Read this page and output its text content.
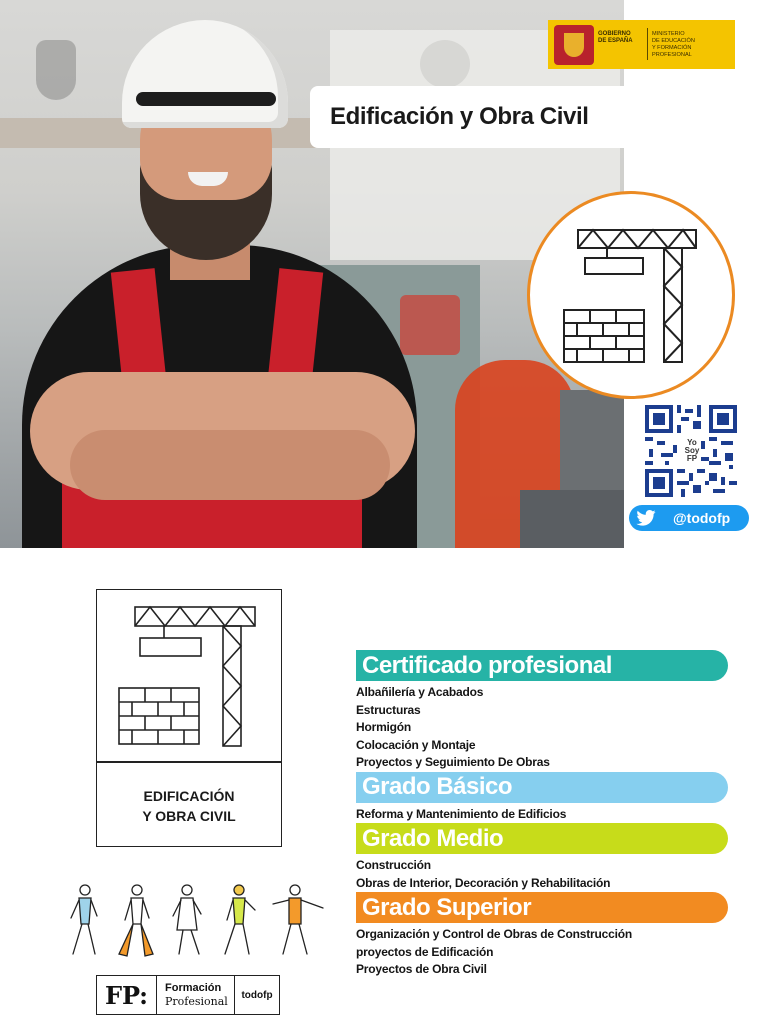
GOBIERNO
DE ESPAÑA
MINISTERIO
DE EDUCACIÓN
Y FORMACIÓN PROFESIONAL
Edificación y Obra Civil
Yo
Soy
FP
@todofp
EDIFICACIÓN
Y OBRA CIVIL
FP:	Formación
Profesional	todofp
Certificado profesional
Albañilería y Acabados
Estructuras
Hormigón
Colocación y Montaje
Proyectos y Seguimiento De Obras
Grado Básico
Reforma y Mantenimiento de Edificios
Grado Medio
Construcción
Obras de Interior, Decoración y Rehabilitación
Grado Superior
Organización y Control de Obras de Construcción
proyectos de Edificación
Proyectos de Obra Civil
